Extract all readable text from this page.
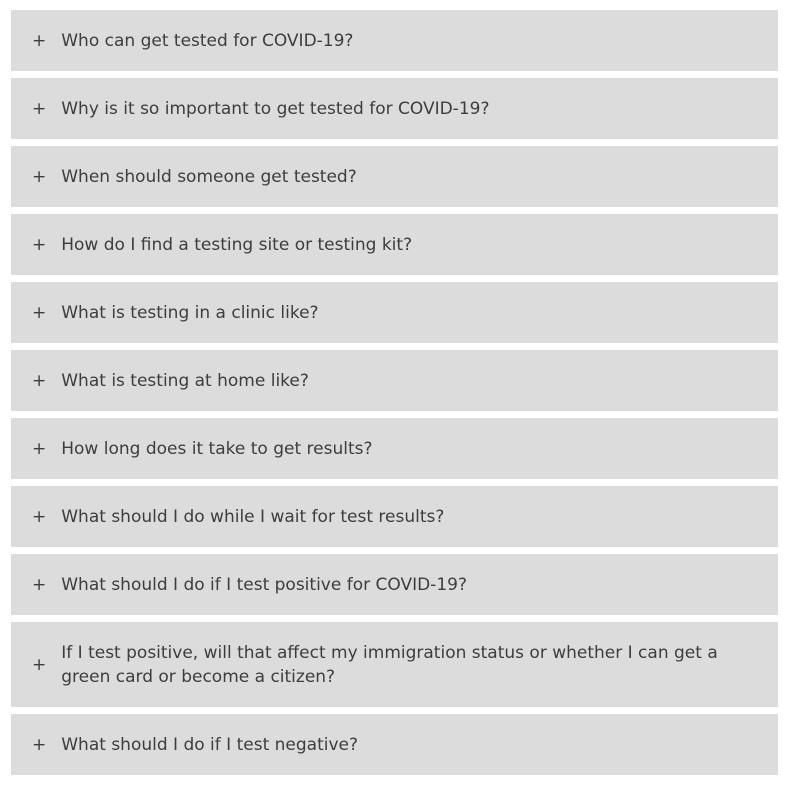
+ Who can get tested for COVID-19?
+ Why is it so important to get tested for COVID-19?
+ When should someone get tested?
+ How do I find a testing site or testing kit?
+ What is testing in a clinic like?
+ What is testing at home like?
+ How long does it take to get results?
+ What should I do while I wait for test results?
+ What should I do if I test positive for COVID-19?
+
If I test positive, will that affect my immigration status or whether I can get a green card or become a citizen?
+ What should I do if I test negative?
